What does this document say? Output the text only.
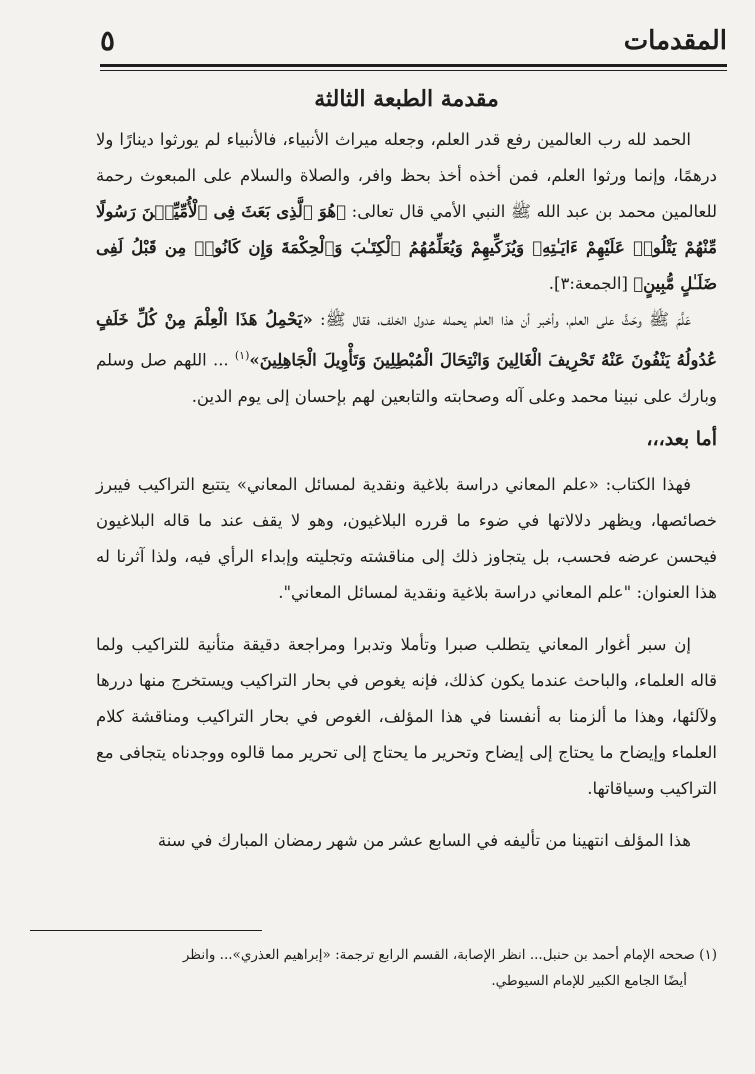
المقدمات
٥
مقدمة الطبعة الثالثة

الحمد لله رب العالمين رفع قدر العلم، وجعله ميراث الأنبياء، فالأنبياء لم يورثوا دينارًا ولا درهمًا، وإنما ورثوا العلم، فمن أخذه أخذ بحظ وافر، والصلاة والسلام على المبعوث رحمة للعالمين محمد بن عبد الله ﷺ النبي الأمي قال تعالى: ﴿هُوَ ٱلَّذِى بَعَثَ فِى ٱلْأُمِّيِّـۧنَ رَسُولًا مِّنْهُمْ يَتْلُوا۟ عَلَيْهِمْ ءَايَـٰتِهِۦ وَيُزَكِّيهِمْ وَيُعَلِّمُهُمُ ٱلْكِتَـٰبَ وَٱلْحِكْمَةَ وَإِن كَانُوا۟ مِن قَبْلُ لَفِى ضَلَـٰلٍ مُّبِينٍ﴾ [الجمعة:٣].

عَلَّمَ ﷺ وحَثَّ على العلم، وأخبر أن هذا العلم يحمله عدول الخلف، فقال ﷺ: «يَحْمِلُ هَذَا الْعِلْمَ مِنْ كُلِّ خَلَفٍ عُدُولُهُ يَنْفُونَ عَنْهُ تَحْرِيفَ الْغَالِينَ وَانْتِحَالَ الْمُبْطِلِينَ وَتَأْوِيلَ الْجَاهِلِينَ»$^{(١)}$ ... اللهم صل وسلم وبارك على نبينا محمد وعلى آله وصحابته والتابعين لهم بإحسان إلى يوم الدين.

أما بعد،،،

فهذا الكتاب: «علم المعاني دراسة بلاغية ونقدية لمسائل المعاني» يتتبع التراكيب فيبرز خصائصها، ويظهر دلالاتها في ضوء ما قرره البلاغيون، وهو لا يقف عند ما قاله البلاغيون فيحسن عرضه فحسب، بل يتجاوز ذلك إلى مناقشته وتجليته وإبداء الرأي فيه، ولذا آثرنا له هذا العنوان: "علم المعاني دراسة بلاغية ونقدية لمسائل المعاني".

إن سبر أغوار المعاني يتطلب صبرا وتأملا وتدبرا ومراجعة دقيقة متأنية للتراكيب ولما قاله العلماء، والباحث عندما يكون كذلك، فإنه يغوص في بحار التراكيب ويستخرج منها دررها ولآلئها، وهذا ما ألزمنا به أنفسنا في هذا المؤلف، الغوص في بحار التراكيب ومناقشة كلام العلماء وإيضاح ما يحتاج إلى إيضاح وتحرير ما يحتاج إلى تحرير مما قالوه ووجدناه يتجافى مع التراكيب وسياقاتها.

هذا المؤلف انتهينا من تأليفه في السابع عشر من شهر رمضان المبارك في سنة

(١) صححه الإمام أحمد بن حنبل... انظر الإصابة، القسم الرابع ترجمة: «إبراهيم العذري»... وانظر

أيضًا الجامع الكبير للإمام السيوطي.
